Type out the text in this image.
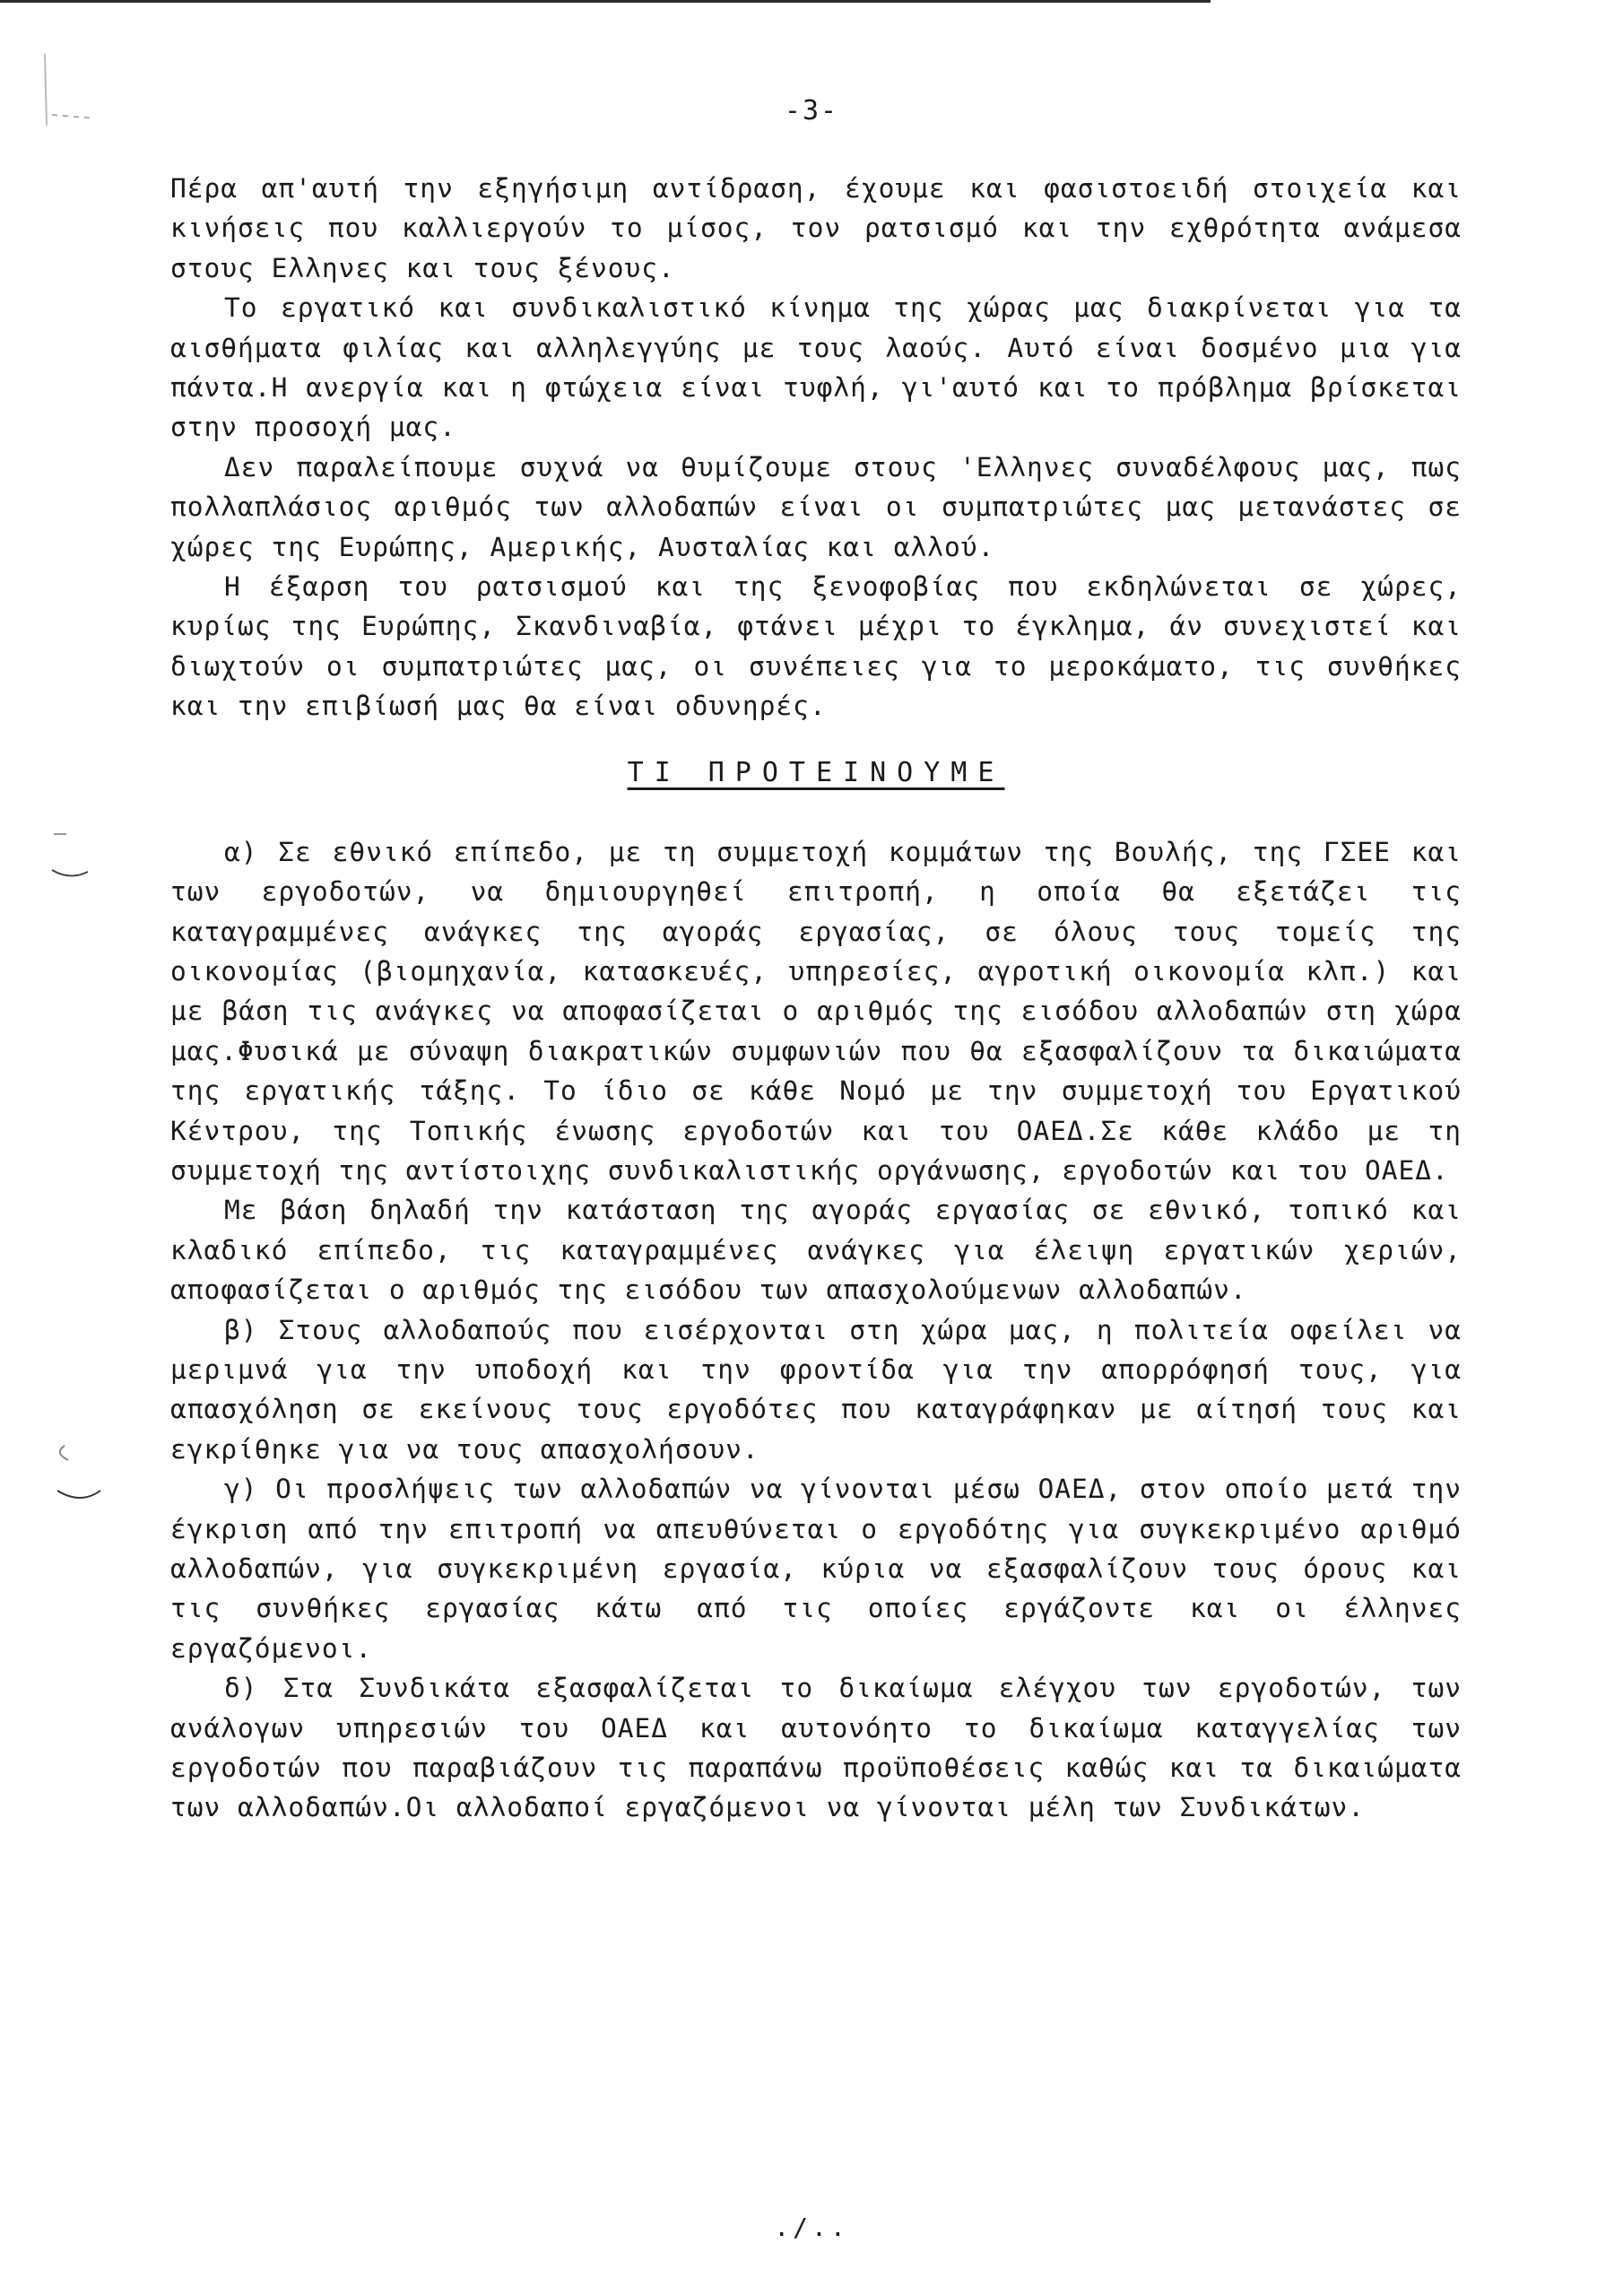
-3-

Πέρα απ'αυτή την εξηγήσιμη αντίδραση, έχουμε και φασιστοειδή στοιχεία και κινήσεις που καλλιεργούν το μίσος, τον ρατσισμό και την εχθρότητα ανάμεσα στους Ελληνες και τους ξένους.

Το εργατικό και συνδικαλιστικό κίνημα της χώρας μας διακρίνεται για τα αισθήματα φιλίας και αλληλεγγύης με τους λαούς. Αυτό είναι δοσμένο μια για πάντα.Η ανεργία και η φτώχεια είναι τυφλή, γι'αυτό και το πρόβλημα βρίσκεται στην προσοχή μας.

Δεν παραλείπουμε συχνά να θυμίζουμε στους 'Ελληνες συναδέλφους μας, πως πολλαπλάσιος αριθμός των αλλοδαπών είναι οι συμπατριώτες μας μετανάστες σε χώρες της Ευρώπης, Αμερικής, Αυσταλίας και αλλού.

Η έξαρση του ρατσισμού και της ξενοφοβίας που εκδηλώνεται σε χώρες, κυρίως της Ευρώπης, Σκανδιναβία, φτάνει μέχρι το έγκλημα, άν συνεχιστεί και διωχτούν οι συμπατριώτες μας, οι συνέπειες για το μεροκάματο, τις συνθήκες και την επιβίωσή μας θα είναι οδυνηρές.

ΤΙ ΠΡΟΤΕΙΝΟΥΜΕ

α) Σε εθνικό επίπεδο, με τη συμμετοχή κομμάτων της Βουλής, της ΓΣΕΕ και των εργοδοτών, να δημιουργηθεί επιτροπή, η οποία θα εξετάζει τις καταγραμμένες ανάγκες της αγοράς εργασίας, σε όλους τους τομείς της οικονομίας (βιομηχανία, κατασκευές, υπηρεσίες, αγροτική οικονομία κλπ.) και με βάση τις ανάγκες να αποφασίζεται ο αριθμός της εισόδου αλλοδαπών στη χώρα μας.Φυσικά με σύναψη διακρατικών συμφωνιών που θα εξασφαλίζουν τα δικαιώματα της εργατικής τάξης. Το ίδιο σε κάθε Νομό με την συμμετοχή του Εργατικού Κέντρου, της Τοπικής ένωσης εργοδοτών και του ΟΑΕΔ.Σε κάθε κλάδο με τη συμμετοχή της αντίστοιχης συνδικαλιστικής οργάνωσης, εργοδοτών και του ΟΑΕΔ.

Με βάση δηλαδή την κατάσταση της αγοράς εργασίας σε εθνικό, τοπικό και κλαδικό επίπεδο, τις καταγραμμένες ανάγκες για έλειψη εργατικών χεριών, αποφασίζεται ο αριθμός της εισόδου των απασχολούμενων αλλοδαπών.

β) Στους αλλοδαπούς που εισέρχονται στη χώρα μας, η πολιτεία οφείλει να μεριμνά για την υποδοχή και την φροντίδα για την απορρόφησή τους, για απασχόληση σε εκείνους τους εργοδότες που καταγράφηκαν με αίτησή τους και εγκρίθηκε για να τους απασχολήσουν.

γ) Οι προσλήψεις των αλλοδαπών να γίνονται μέσω ΟΑΕΔ, στον οποίο μετά την έγκριση από την επιτροπή να απευθύνεται ο εργοδότης για συγκεκριμένο αριθμό αλλοδαπών, για συγκεκριμένη εργασία, κύρια να εξασφαλίζουν τους όρους και τις συνθήκες εργασίας κάτω από τις οποίες εργάζοντε και οι έλληνες εργαζόμενοι.

δ) Στα Συνδικάτα εξασφαλίζεται το δικαίωμα ελέγχου των εργοδοτών, των ανάλογων υπηρεσιών του ΟΑΕΔ και αυτονόητο το δικαίωμα καταγγελίας των εργοδοτών που παραβιάζουν τις παραπάνω προϋποθέσεις καθώς και τα δικαιώματα των αλλοδαπών.Οι αλλοδαποί εργαζόμενοι να γίνονται μέλη των Συνδικάτων.

./..
